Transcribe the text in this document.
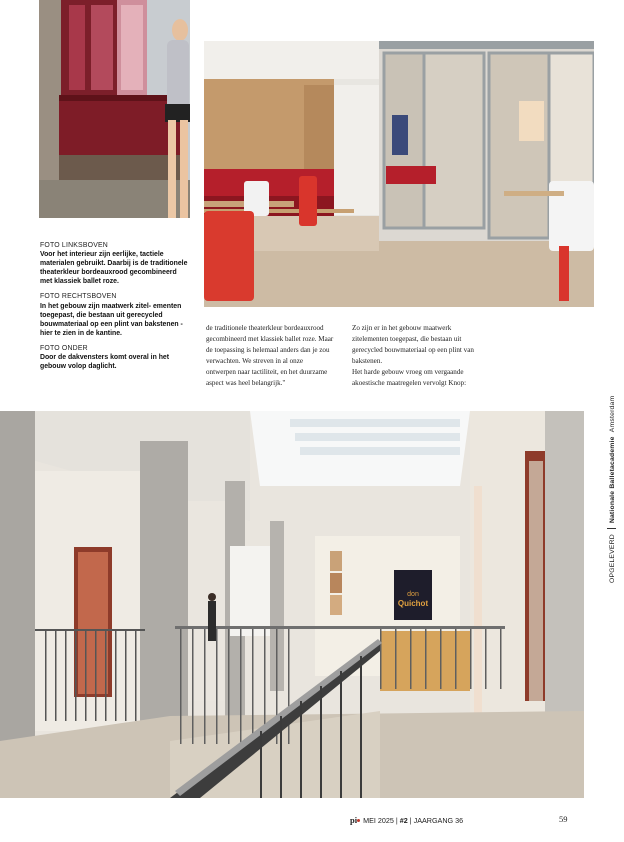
don
Quichot
FOTO LINKSBOVEN
Voor het interieur zijn eerlijke, tactiele materialen gebruikt. Daarbij is de traditionele theaterkleur bordeauxrood gecombineerd met klassiek ballet roze.
FOTO RECHTSBOVEN
In het gebouw zijn maatwerk zitel- ementen toegepast, die bestaan uit gerecycled bouwmateriaal op een plint van bakstenen - hier te zien in de kantine.
FOTO ONDER
Door de dakvensters komt overal in het gebouw volop daglicht.

de traditionele theaterkleur bordeauxrood gecombineerd met klassiek ballet roze. Maar de toepassing is helemaal anders dan je zou verwachten. We streven in al onze ontwerpen naar tactiliteit, en het duurzame aspect was heel belangrijk."

Zo zijn er in het gebouw maatwerk zitelementen toegepast, die bestaan uit gerecycled bouwmateriaal op een plint van bakstenen.

Het harde gebouw vroeg om vergaande akoestische maatregelen vervolgt Knop:

OPGELEVERDNationale Balletacademie  Amsterdam
pi MEI 2025 | #2 | JAARGANG 36	59
